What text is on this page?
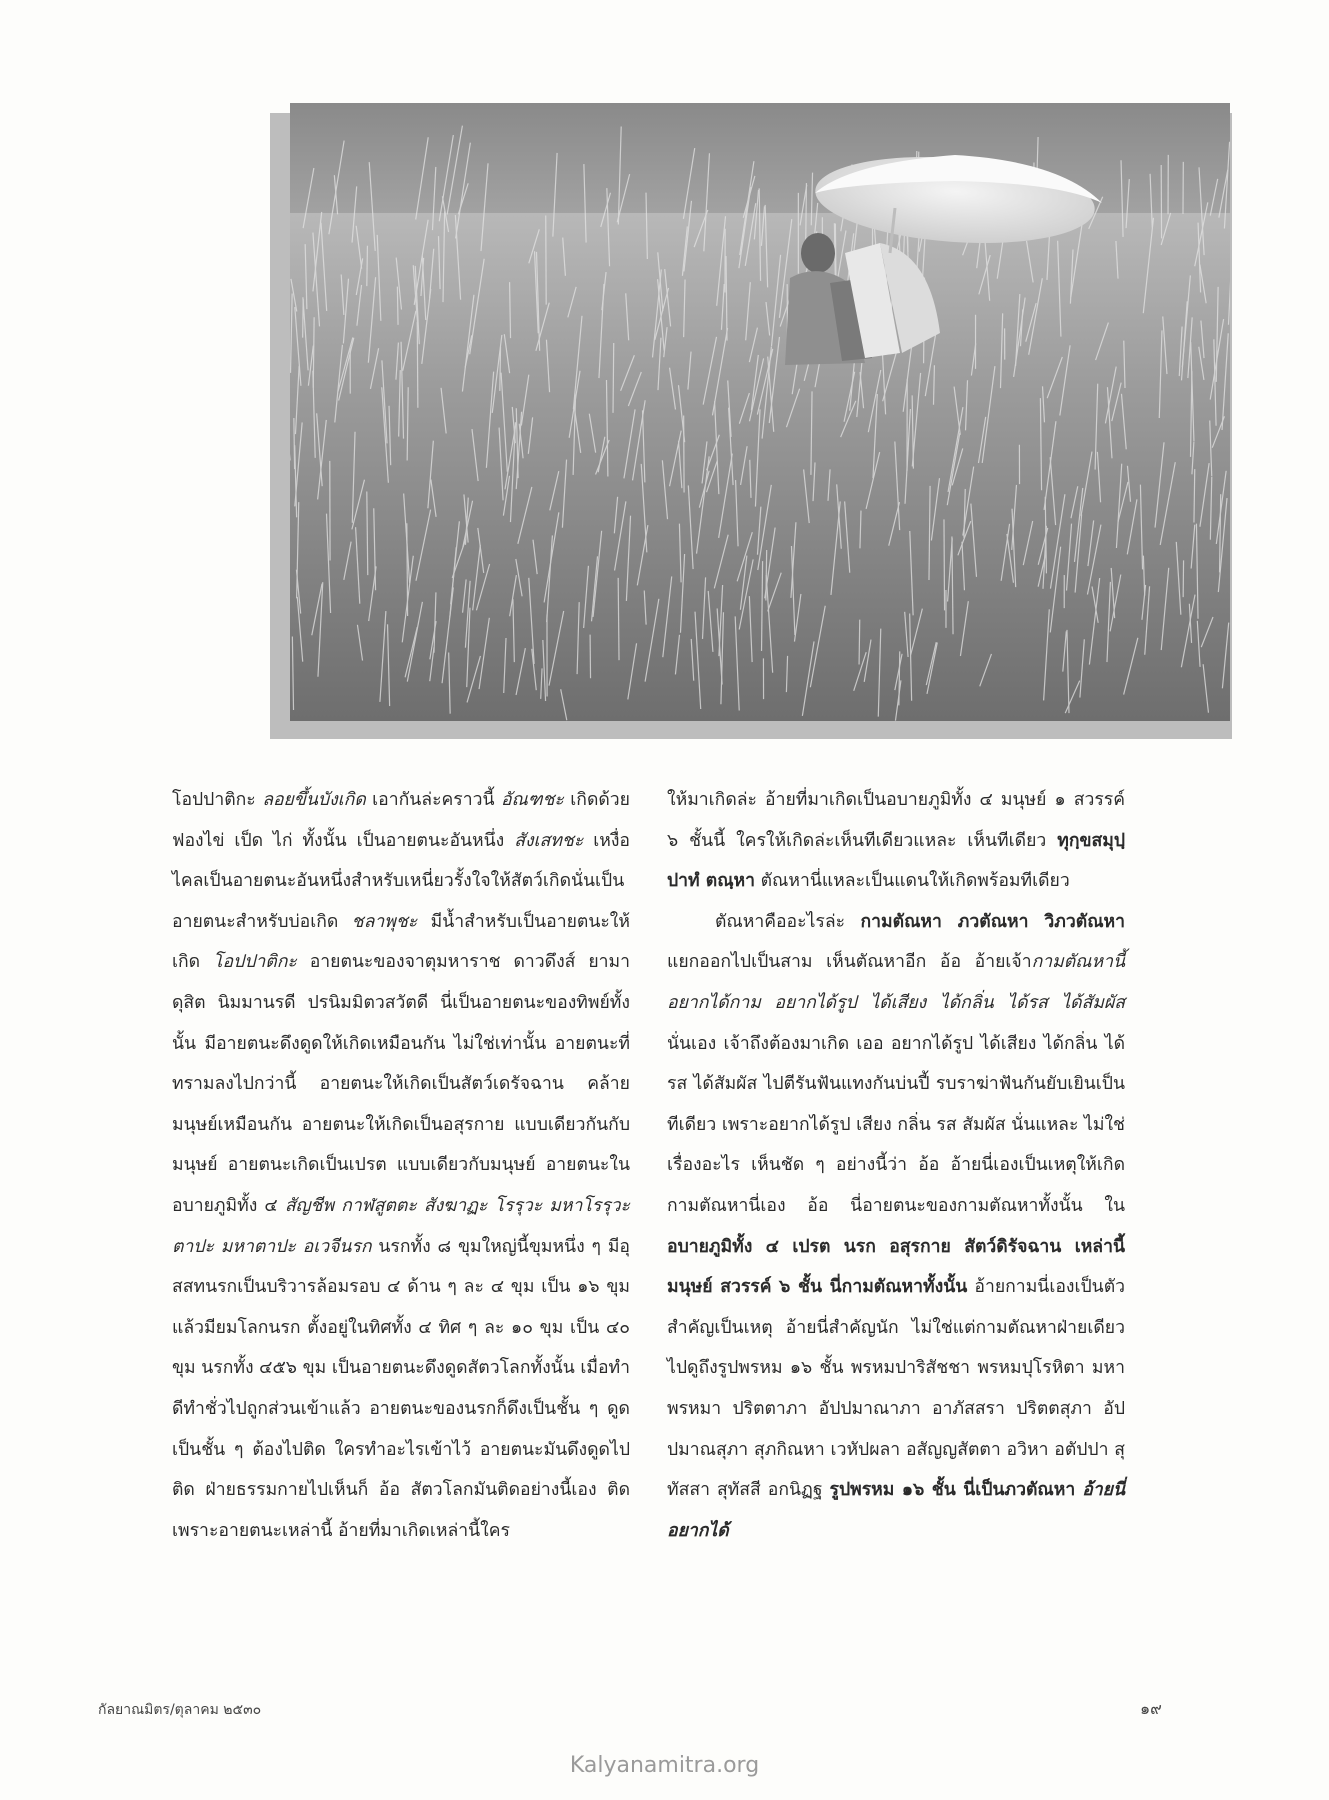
โอปปาติกะ ลอยขึ้นบังเกิด เอากันล่ะคราวนี้ อัณฑชะ เกิดด้วยฟองไข่ เป็ด ไก่ ทั้งนั้น เป็นอายตนะอันหนึ่ง สังเสทชะ เหงื่อไคลเป็นอายตนะอันหนึ่งสำหรับเหนี่ยวรั้งใจให้สัตว์เกิดนั่นเป็นอายตนะสำหรับบ่อเกิด ชลาพุชะ มีน้ำสำหรับเป็นอายตนะให้เกิด โอปปาติกะ อายตนะของจาตุมหาราช ดาวดึงส์ ยามา ดุสิต นิมมานรดี ปรนิมมิตวสวัตดี นี่เป็นอายตนะของทิพย์ทั้งนั้น มีอายตนะดึงดูดให้เกิดเหมือนกัน ไม่ใช่เท่านั้น อายตนะที่ทรามลงไปกว่านี้ อายตนะให้เกิดเป็นสัตว์เดรัจฉาน คล้ายมนุษย์เหมือนกัน อายตนะให้เกิดเป็นอสุรกาย แบบเดียวกันกับมนุษย์ อายตนะเกิดเป็นเปรต แบบเดียวกับมนุษย์ อายตนะในอบายภูมิทั้ง ๔ สัญชีพ กาฬสูตตะ สังฆาฏะ โรรุวะ มหาโรรุวะ ตาปะ มหาตาปะ อเวจีนรก นรกทั้ง ๘ ขุมใหญ่นี้ขุมหนึ่ง ๆ มีอุสสทนรกเป็นบริวารล้อมรอบ ๔ ด้าน ๆ ละ ๔ ขุม เป็น ๑๖ ขุม แล้วมียมโลกนรก ตั้งอยู่ในทิศทั้ง ๔ ทิศ ๆ ละ ๑๐ ขุม เป็น ๔๐ ขุม นรกทั้ง ๔๕๖ ขุม เป็นอายตนะดึงดูดสัตวโลกทั้งนั้น เมื่อทำดีทำชั่วไปถูกส่วนเข้าแล้ว อายตนะของนรกก็ดึงเป็นชั้น ๆ ดูดเป็นชั้น ๆ ต้องไปติด ใครทำอะไรเข้าไว้ อายตนะมันดึงดูดไปติด ฝ่ายธรรมกายไปเห็นก็ อ้อ สัตวโลกมันติดอย่างนี้เอง ติดเพราะอายตนะเหล่านี้ อ้ายที่มาเกิดเหล่านี้ใคร

ให้มาเกิดล่ะ อ้ายที่มาเกิดเป็นอบายภูมิทั้ง ๔ มนุษย์ ๑ สวรรค์ ๖ ชั้นนี้ ใครให้เกิดล่ะเห็นทีเดียวแหละ เห็นทีเดียว ทุกฺขสมุปฺปาทํ ตณฺหา ตัณหานี่แหละเป็นแดนให้เกิดพร้อมทีเดียว

ตัณหาคืออะไรล่ะ กามตัณหา ภวตัณหา วิภวตัณหา แยกออกไปเป็นสาม เห็นตัณหาอีก อ้อ อ้ายเจ้ากามตัณหานี้ อยากได้กาม อยากได้รูป ได้เสียง ได้กลิ่น ได้รส ได้สัมผัส นั่นเอง เจ้าถึงต้องมาเกิด เออ อยากได้รูป ได้เสียง ได้กลิ่น ได้รส ได้สัมผัส ไปตีรันฟันแทงกันบ่นปี้ รบราฆ่าฟันกันยับเยินเป็นทีเดียว เพราะอยากได้รูป เสียง กลิ่น รส สัมผัส นั่นแหละ ไม่ใช่เรื่องอะไร เห็นชัด ๆ อย่างนี้ว่า อ้อ อ้ายนี่เองเป็นเหตุให้เกิด กามตัณหานี่เอง อ้อ นี่อายตนะของกามตัณหาทั้งนั้น ใน อบายภูมิทั้ง ๔ เปรต นรก อสุรกาย สัตว์ดิรัจฉาน เหล่านี้ มนุษย์ สวรรค์ ๖ ชั้น นี่กามตัณหาทั้งนั้น อ้ายกามนี่เองเป็นตัวสำคัญเป็นเหตุ อ้ายนี่สำคัญนัก ไม่ใช่แต่กามตัณหาฝ่ายเดียว ไปดูถึงรูปพรหม ๑๖ ชั้น พรหมปาริสัชชา พรหมปุโรหิตา มหาพรหมา ปริตตาภา อัปปมาณาภา อาภัสสรา ปริตตสุภา อัปปมาณสุภา สุภกิณหา เวหัปผลา อสัญญสัตตา อวิหา อตัปปา สุทัสสา สุทัสสี อกนิฏฐ รูปพรหม ๑๖ ชั้น นี่เป็นภวตัณหา อ้ายนี่อยากได้

กัลยาณมิตร/ตุลาคม ๒๕๓๐	๑๙
Kalyanamitra.org
